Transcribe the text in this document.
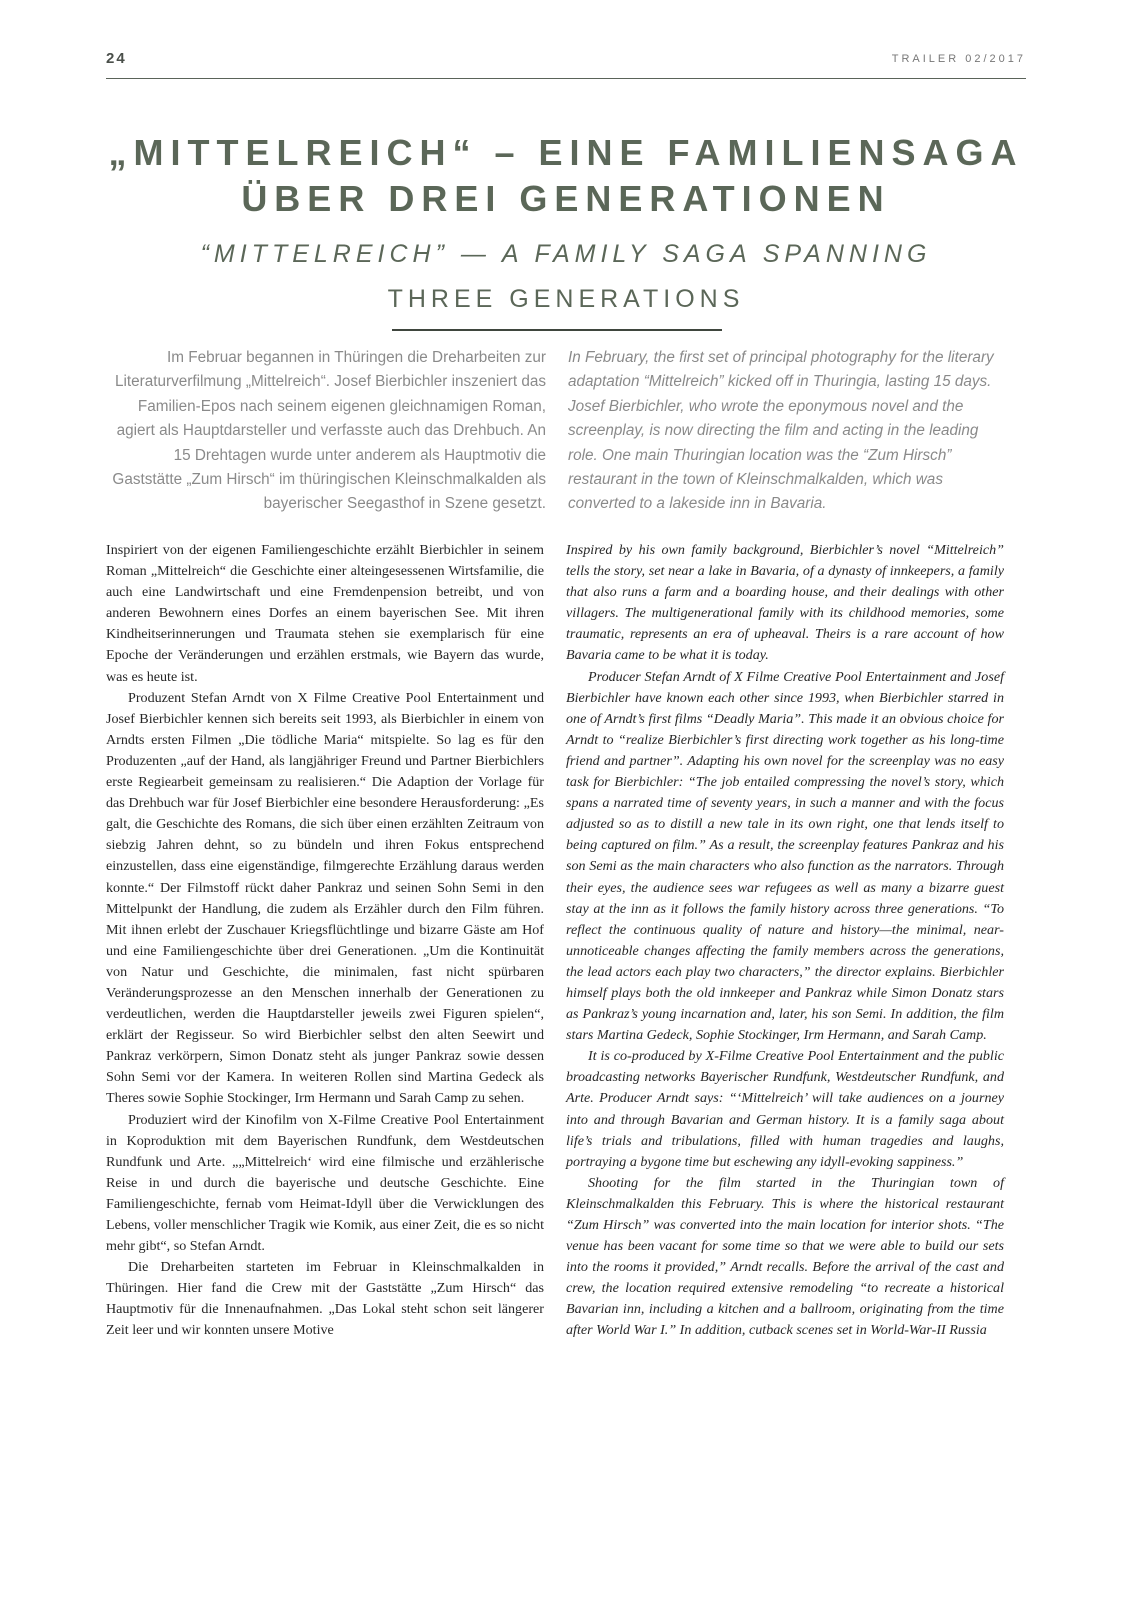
24	TRAILER 02/2017
„MITTELREICH“ – EINE FAMILIENSAGA
ÜBER DREI GENERATIONEN
“MITTELREICH” — A FAMILY SAGA SPANNING
THREE GENERATIONS
Im Februar begannen in Thüringen die Dreharbeiten zur Literaturverfilmung „Mittelreich“. Josef Bierbichler inszeniert das Familien-Epos nach seinem eigenen gleichnamigen Roman, agiert als Hauptdarsteller und verfasste auch das Drehbuch. An 15 Drehtagen wurde unter anderem als Hauptmotiv die Gaststätte „Zum Hirsch“ im thüringischen Kleinschmalkalden als bayerischer Seegasthof in Szene gesetzt.
In February, the first set of principal photography for the literary adaptation “Mittelreich” kicked off in Thuringia, lasting 15 days. Josef Bierbichler, who wrote the eponymous novel and the screenplay, is now directing the film and acting in the leading role. One main Thuringian location was the “Zum Hirsch” restaurant in the town of Kleinschmalkalden, which was converted to a lakeside inn in Bavaria.

Inspiriert von der eigenen Familiengeschichte erzählt Bierbichler in seinem Roman „Mittelreich“ die Geschichte einer alteingesessenen Wirtsfamilie, die auch eine Landwirtschaft und eine Fremdenpension betreibt, und von anderen Bewohnern eines Dorfes an einem bayerischen See. Mit ihren Kindheitserinnerungen und Traumata stehen sie exemplarisch für eine Epoche der Veränderungen und erzählen erstmals, wie Bayern das wurde, was es heute ist.

Produzent Stefan Arndt von X Filme Creative Pool Entertainment und Josef Bierbichler kennen sich bereits seit 1993, als Bierbichler in einem von Arndts ersten Filmen „Die tödliche Maria“ mitspielte. So lag es für den Produzenten „auf der Hand, als langjähriger Freund und Partner Bierbichlers erste Regiearbeit gemeinsam zu realisieren.“ Die Adaption der Vorlage für das Drehbuch war für Josef Bierbichler eine besondere Herausforderung: „Es galt, die Geschichte des Romans, die sich über einen erzählten Zeitraum von siebzig Jahren dehnt, so zu bündeln und ihren Fokus entsprechend einzustellen, dass eine eigenständige, filmgerechte Erzählung daraus werden konnte.“ Der Filmstoff rückt daher Pankraz und seinen Sohn Semi in den Mittelpunkt der Handlung, die zudem als Erzähler durch den Film führen. Mit ihnen erlebt der Zuschauer Kriegsflüchtlinge und bizarre Gäste am Hof und eine Familiengeschichte über drei Generationen. „Um die Kontinuität von Natur und Geschichte, die minimalen, fast nicht spürbaren Veränderungsprozesse an den Menschen innerhalb der Generationen zu verdeutlichen, werden die Hauptdarsteller jeweils zwei Figuren spielen“, erklärt der Regisseur. So wird Bierbichler selbst den alten Seewirt und Pankraz verkörpern, Simon Donatz steht als junger Pankraz sowie dessen Sohn Semi vor der Kamera. In weiteren Rollen sind Martina Gedeck als Theres sowie Sophie Stockinger, Irm Hermann und Sarah Camp zu sehen.

Produziert wird der Kinofilm von X-Filme Creative Pool Entertainment in Koproduktion mit dem Bayerischen Rundfunk, dem Westdeutschen Rundfunk und Arte. „„Mittelreich‘ wird eine filmische und erzählerische Reise in und durch die bayerische und deutsche Geschichte. Eine Familiengeschichte, fernab vom Heimat-Idyll über die Verwicklungen des Lebens, voller menschlicher Tragik wie Komik, aus einer Zeit, die es so nicht mehr gibt“, so Stefan Arndt.

Die Dreharbeiten starteten im Februar in Kleinschmalkalden in Thüringen. Hier fand die Crew mit der Gaststätte „Zum Hirsch“ das Hauptmotiv für die Innenaufnahmen. „Das Lokal steht schon seit längerer Zeit leer und wir konnten unsere Motive

Inspired by his own family background, Bierbichler’s novel “Mittelreich” tells the story, set near a lake in Bavaria, of a dynasty of innkeepers, a family that also runs a farm and a boarding house, and their dealings with other villagers. The multigenerational family with its childhood memories, some traumatic, represents an era of upheaval. Theirs is a rare account of how Bavaria came to be what it is today.

Producer Stefan Arndt of X Filme Creative Pool Entertainment and Josef Bierbichler have known each other since 1993, when Bierbichler starred in one of Arndt’s first films “Deadly Maria”. This made it an obvious choice for Arndt to “realize Bierbichler’s first directing work together as his long-time friend and partner”. Adapting his own novel for the screenplay was no easy task for Bierbichler: “The job entailed compressing the novel’s story, which spans a narrated time of seventy years, in such a manner and with the focus adjusted so as to distill a new tale in its own right, one that lends itself to being captured on film.” As a result, the screenplay features Pankraz and his son Semi as the main characters who also function as the narrators. Through their eyes, the audience sees war refugees as well as many a bizarre guest stay at the inn as it follows the family history across three generations. “To reflect the continuous quality of nature and history—the minimal, near-unnoticeable changes affecting the family members across the generations, the lead actors each play two characters,” the director explains. Bierbichler himself plays both the old innkeeper and Pankraz while Simon Donatz stars as Pankraz’s young incarnation and, later, his son Semi. In addition, the film stars Martina Gedeck, Sophie Stockinger, Irm Hermann, and Sarah Camp.

It is co-produced by X-Filme Creative Pool Entertainment and the public broadcasting networks Bayerischer Rundfunk, Westdeutscher Rundfunk, and Arte. Producer Arndt says: “‘Mittelreich’ will take audiences on a journey into and through Bavarian and German history. It is a family saga about life’s trials and tribulations, filled with human tragedies and laughs, portraying a bygone time but eschewing any idyll-evoking sappiness.”

Shooting for the film started in the Thuringian town of Kleinschmalkalden this February. This is where the historical restaurant “Zum Hirsch” was converted into the main location for interior shots. “The venue has been vacant for some time so that we were able to build our sets into the rooms it provided,” Arndt recalls. Before the arrival of the cast and crew, the location required extensive remodeling “to recreate a historical Bavarian inn, including a kitchen and a ballroom, originating from the time after World War I.” In addition, cutback scenes set in World-War-II Russia
